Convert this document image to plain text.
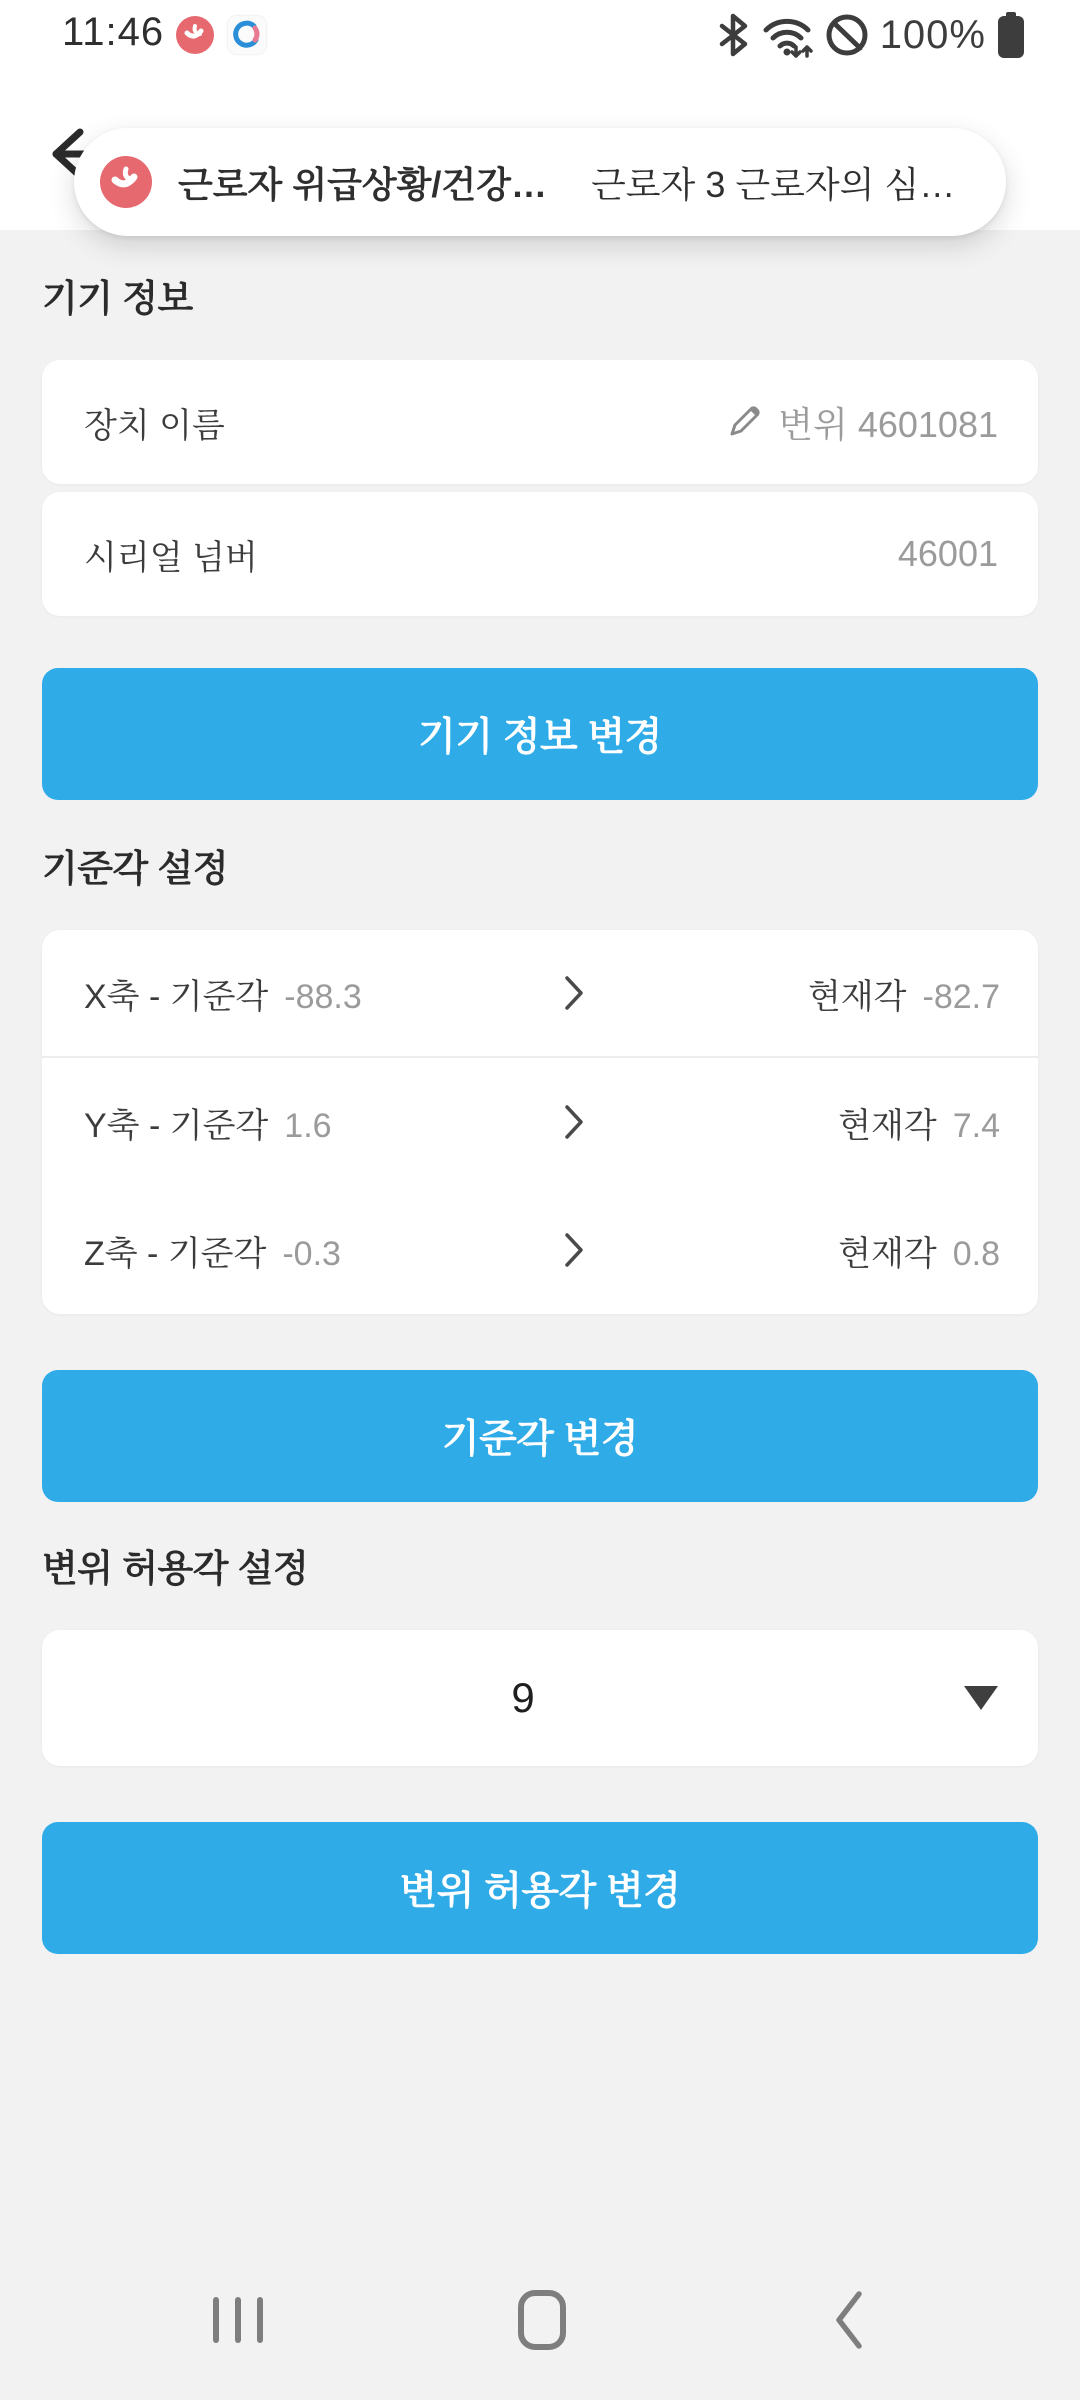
11:46	100%
근로자 위급상황/건강… 근로자 3 근로자의 심…
기기 정보
장치 이름	변위 4601081
시리얼 넘버	46001
기기 정보 변경
기준각 설정
X축 - 기준각 -88.3	현재각 -82.7
Y축 - 기준각 1.6	현재각 7.4
Z축 - 기준각 -0.3	현재각 0.8
기준각 변경
변위 허용각 설정
9
변위 허용각 변경
